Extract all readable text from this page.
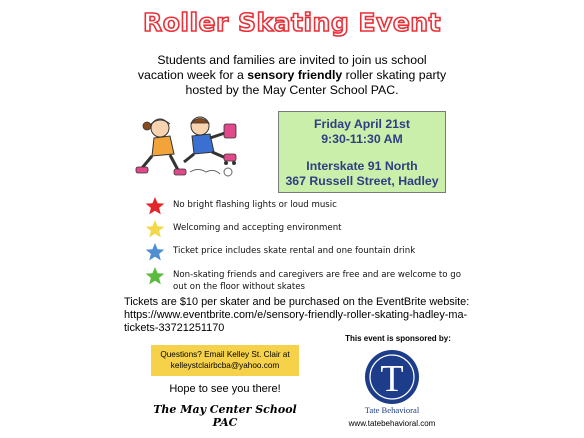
Roller Skating Event
Students and families are invited to join us school
vacation week for a sensory friendly roller skating party
hosted by the May Center School PAC.
Friday April 21st
9:30-11:30 AM
Interskate 91 North
367 Russell Street, Hadley
No bright flashing lights or loud music
Welcoming and accepting environment
Ticket price includes skate rental and one fountain drink
Non-skating friends and caregivers are free and are welcome to go out on the floor without skates
Tickets are $10 per skater and be purchased on the EventBrite website:
https://www.eventbrite.com/e/sensory-friendly-roller-skating-hadley-ma-
tickets-33721251170
This event is sponsored by:
Questions? Email Kelley St. Clair at
kelleystclairbcba@yahoo.com
Hope to see you there!
The May Center School PAC
T
Tate Behavioral
www.tatebehavioral.com
